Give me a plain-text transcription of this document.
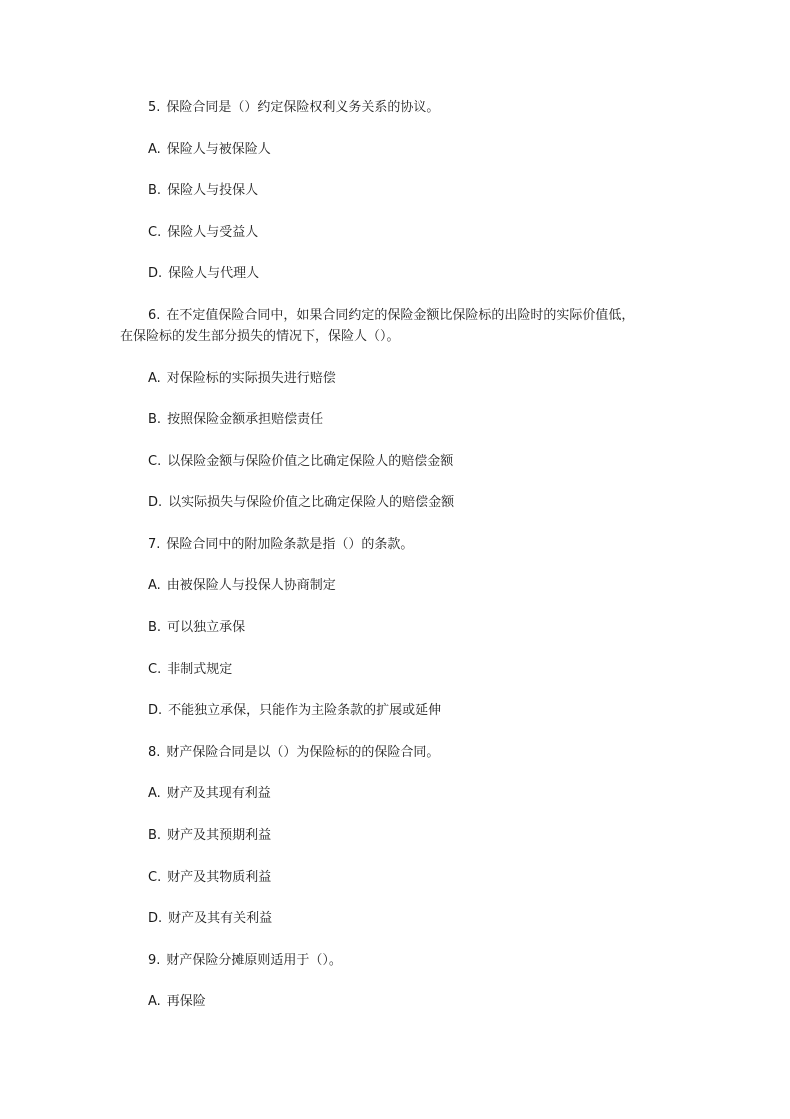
5. 保险合同是（）约定保险权利义务关系的协议。
A. 保险人与被保险人
B. 保险人与投保人
C. 保险人与受益人
D. 保险人与代理人
6. 在不定值保险合同中，如果合同约定的保险金额比保险标的出险时的实际价值低，
在保险标的发生部分损失的情况下，保险人（）。
A. 对保险标的实际损失进行赔偿
B. 按照保险金额承担赔偿责任
C. 以保险金额与保险价值之比确定保险人的赔偿金额
D. 以实际损失与保险价值之比确定保险人的赔偿金额
7. 保险合同中的附加险条款是指（）的条款。
A. 由被保险人与投保人协商制定
B. 可以独立承保
C. 非制式规定
D. 不能独立承保，只能作为主险条款的扩展或延伸
8. 财产保险合同是以（）为保险标的的保险合同。
A. 财产及其现有利益
B. 财产及其预期利益
C. 财产及其物质利益
D. 财产及其有关利益
9. 财产保险分摊原则适用于（）。
A. 再保险
